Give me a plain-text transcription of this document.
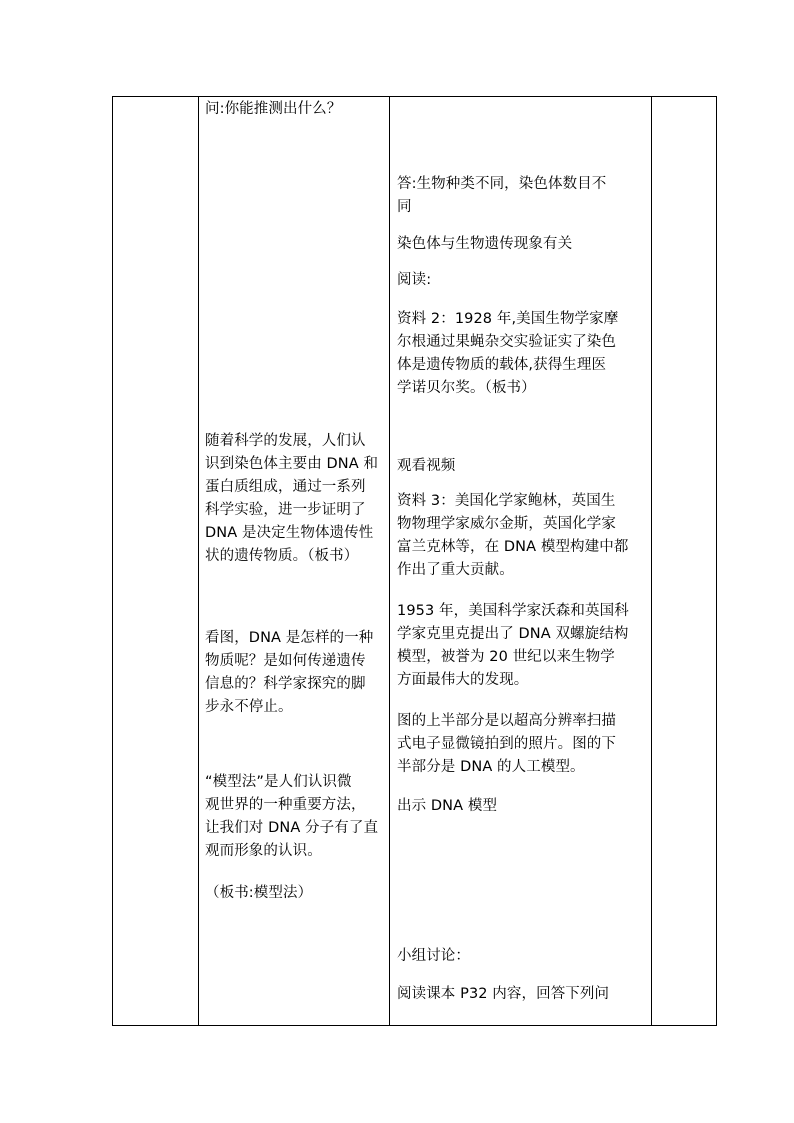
问:你能推测出什么？
随着科学的发展，人们认
识到染色体主要由 DNA 和
蛋白质组成，通过一系列
科学实验，进一步证明了
DNA 是决定生物体遗传性
状的遗传物质。（板书）
看图，DNA 是怎样的一种
物质呢？是如何传递遗传
信息的？科学家探究的脚
步永不停止。
“模型法”是人们认识微
观世界的一种重要方法，
让我们对 DNA 分子有了直
观而形象的认识。
（板书:模型法）
答:生物种类不同，染色体数目不
同
染色体与生物遗传现象有关
阅读:
资料 2：1928 年,美国生物学家摩
尔根通过果蝇杂交实验证实了染色
体是遗传物质的载体,获得生理医
学诺贝尔奖。（板书）
观看视频
资料 3：美国化学家鲍林，英国生
物物理学家威尔金斯，英国化学家
富兰克林等，在 DNA 模型构建中都
作出了重大贡献。
1953 年，美国科学家沃森和英国科
学家克里克提出了 DNA 双螺旋结构
模型，被誉为 20 世纪以来生物学
方面最伟大的发现。
图的上半部分是以超高分辨率扫描
式电子显微镜拍到的照片。图的下
半部分是 DNA 的人工模型。
出示 DNA 模型
小组讨论：
阅读课本 P32 内容，回答下列问
